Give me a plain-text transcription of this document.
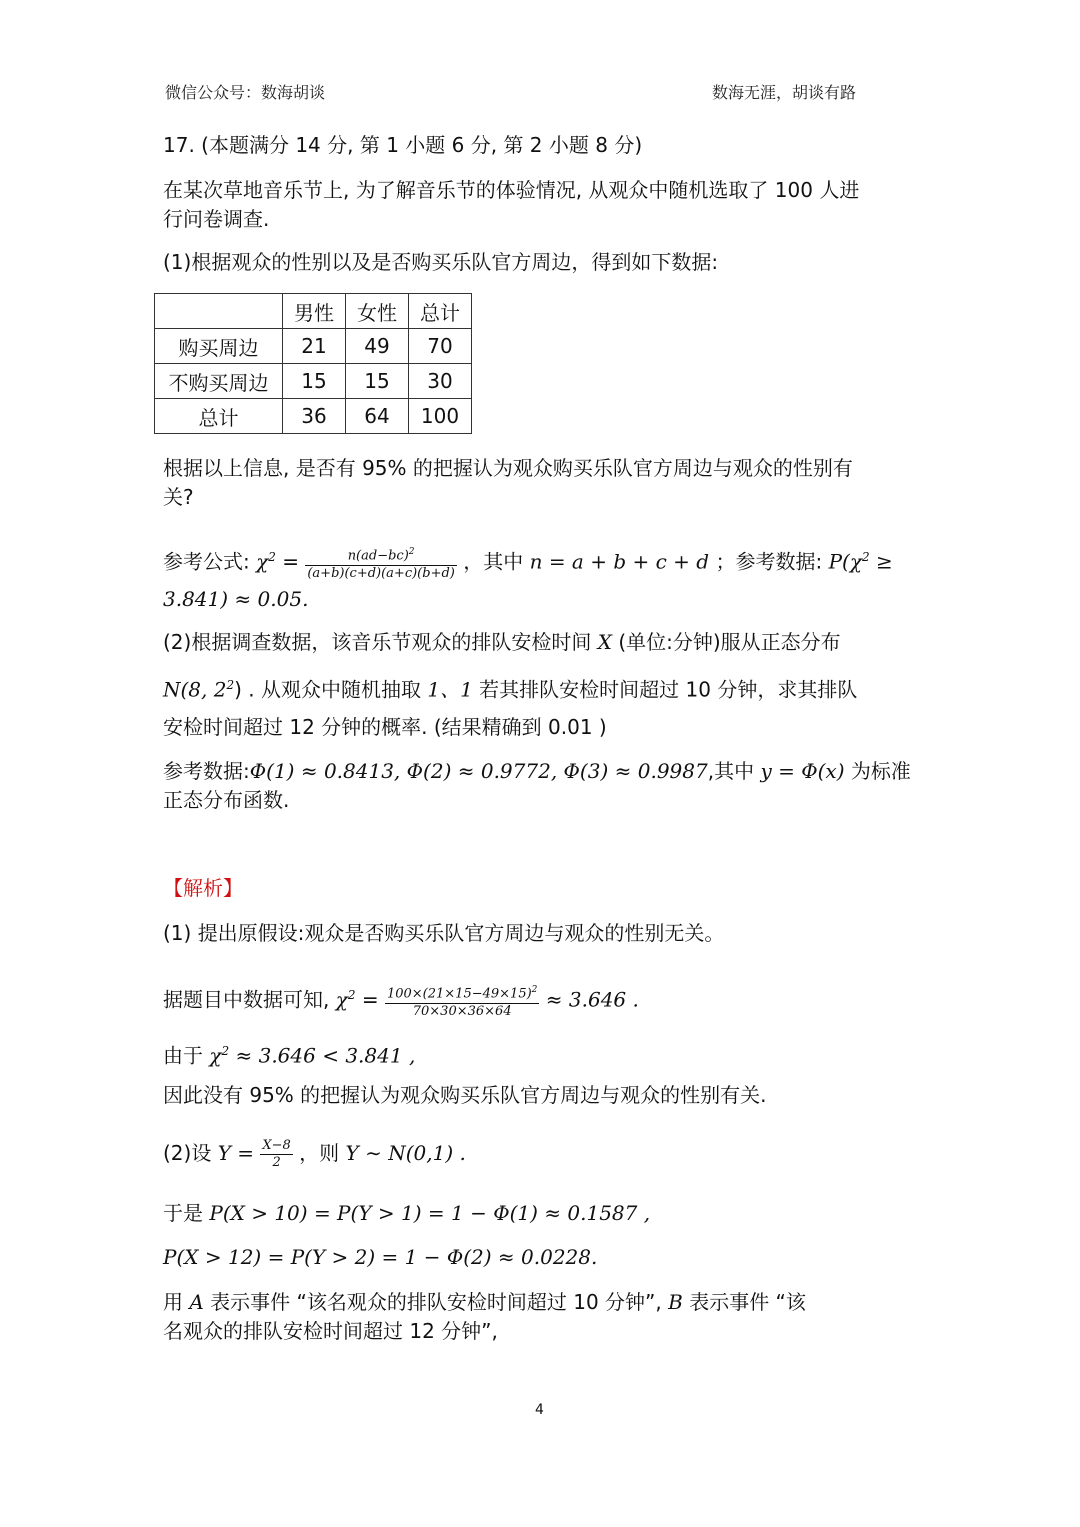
微信公众号：数海胡谈	数海无涯，胡谈有路
17. (本题满分 14 分, 第 1 小题 6 分, 第 2 小题 8 分)
在某次草地音乐节上, 为了解音乐节的体验情况, 从观众中随机选取了 100 人进
行问卷调查.
(1)根据观众的性别以及是否购买乐队官方周边，得到如下数据:
	男性	女性	总计
购买周边	21	49	70
不购买周边	15	15	30
总计	36	64	100
根据以上信息, 是否有 95% 的把握认为观众购买乐队官方周边与观众的性别有
关?
参考公式: $\chi^2 = \frac{n(ad-bc)^2}{(a+b)(c+d)(a+c)(b+d)}$ ，其中 n = a + b + c + d ；参考数据: $P(\chi^2$ ≥
3.841) ≈ 0.05.
(2)根据调查数据，该音乐节观众的排队安检时间 X (单位:分钟)服从正态分布
N(8, $2^2$) . 从观众中随机抽取 1、1 若其排队安检时间超过 10 分钟，求其排队
安检时间超过 12 分钟的概率. (结果精确到 0.01 )
参考数据:Φ(1) ≈ 0.8413, Φ(2) ≈ 0.9772, Φ(3) ≈ 0.9987,其中 y = Φ(x) 为标准
正态分布函数.
【解析】
(1) 提出原假设:观众是否购买乐队官方周边与观众的性别无关。
据题目中数据可知, $\chi^2 = \frac{100\times(21\times 15-49\times 15)^2}{70\times 30\times 36\times 64} \approx 3.646$ .
由于 $\chi^2 \approx 3.646 < 3.841$ ,
因此没有 95% 的把握认为观众购买乐队官方周边与观众的性别有关.
(2)设 $Y = \frac{X-8}{2}$ ，则 Y ∼ N(0,1) .
于是 P(X > 10) = P(Y > 1) = 1 − Φ(1) ≈ 0.1587 ,
P(X > 12) = P(Y > 2) = 1 − Φ(2) ≈ 0.0228.
用 A 表示事件 “该名观众的排队安检时间超过 10 分钟”, B 表示事件 “该
名观众的排队安检时间超过 12 分钟”,
4
